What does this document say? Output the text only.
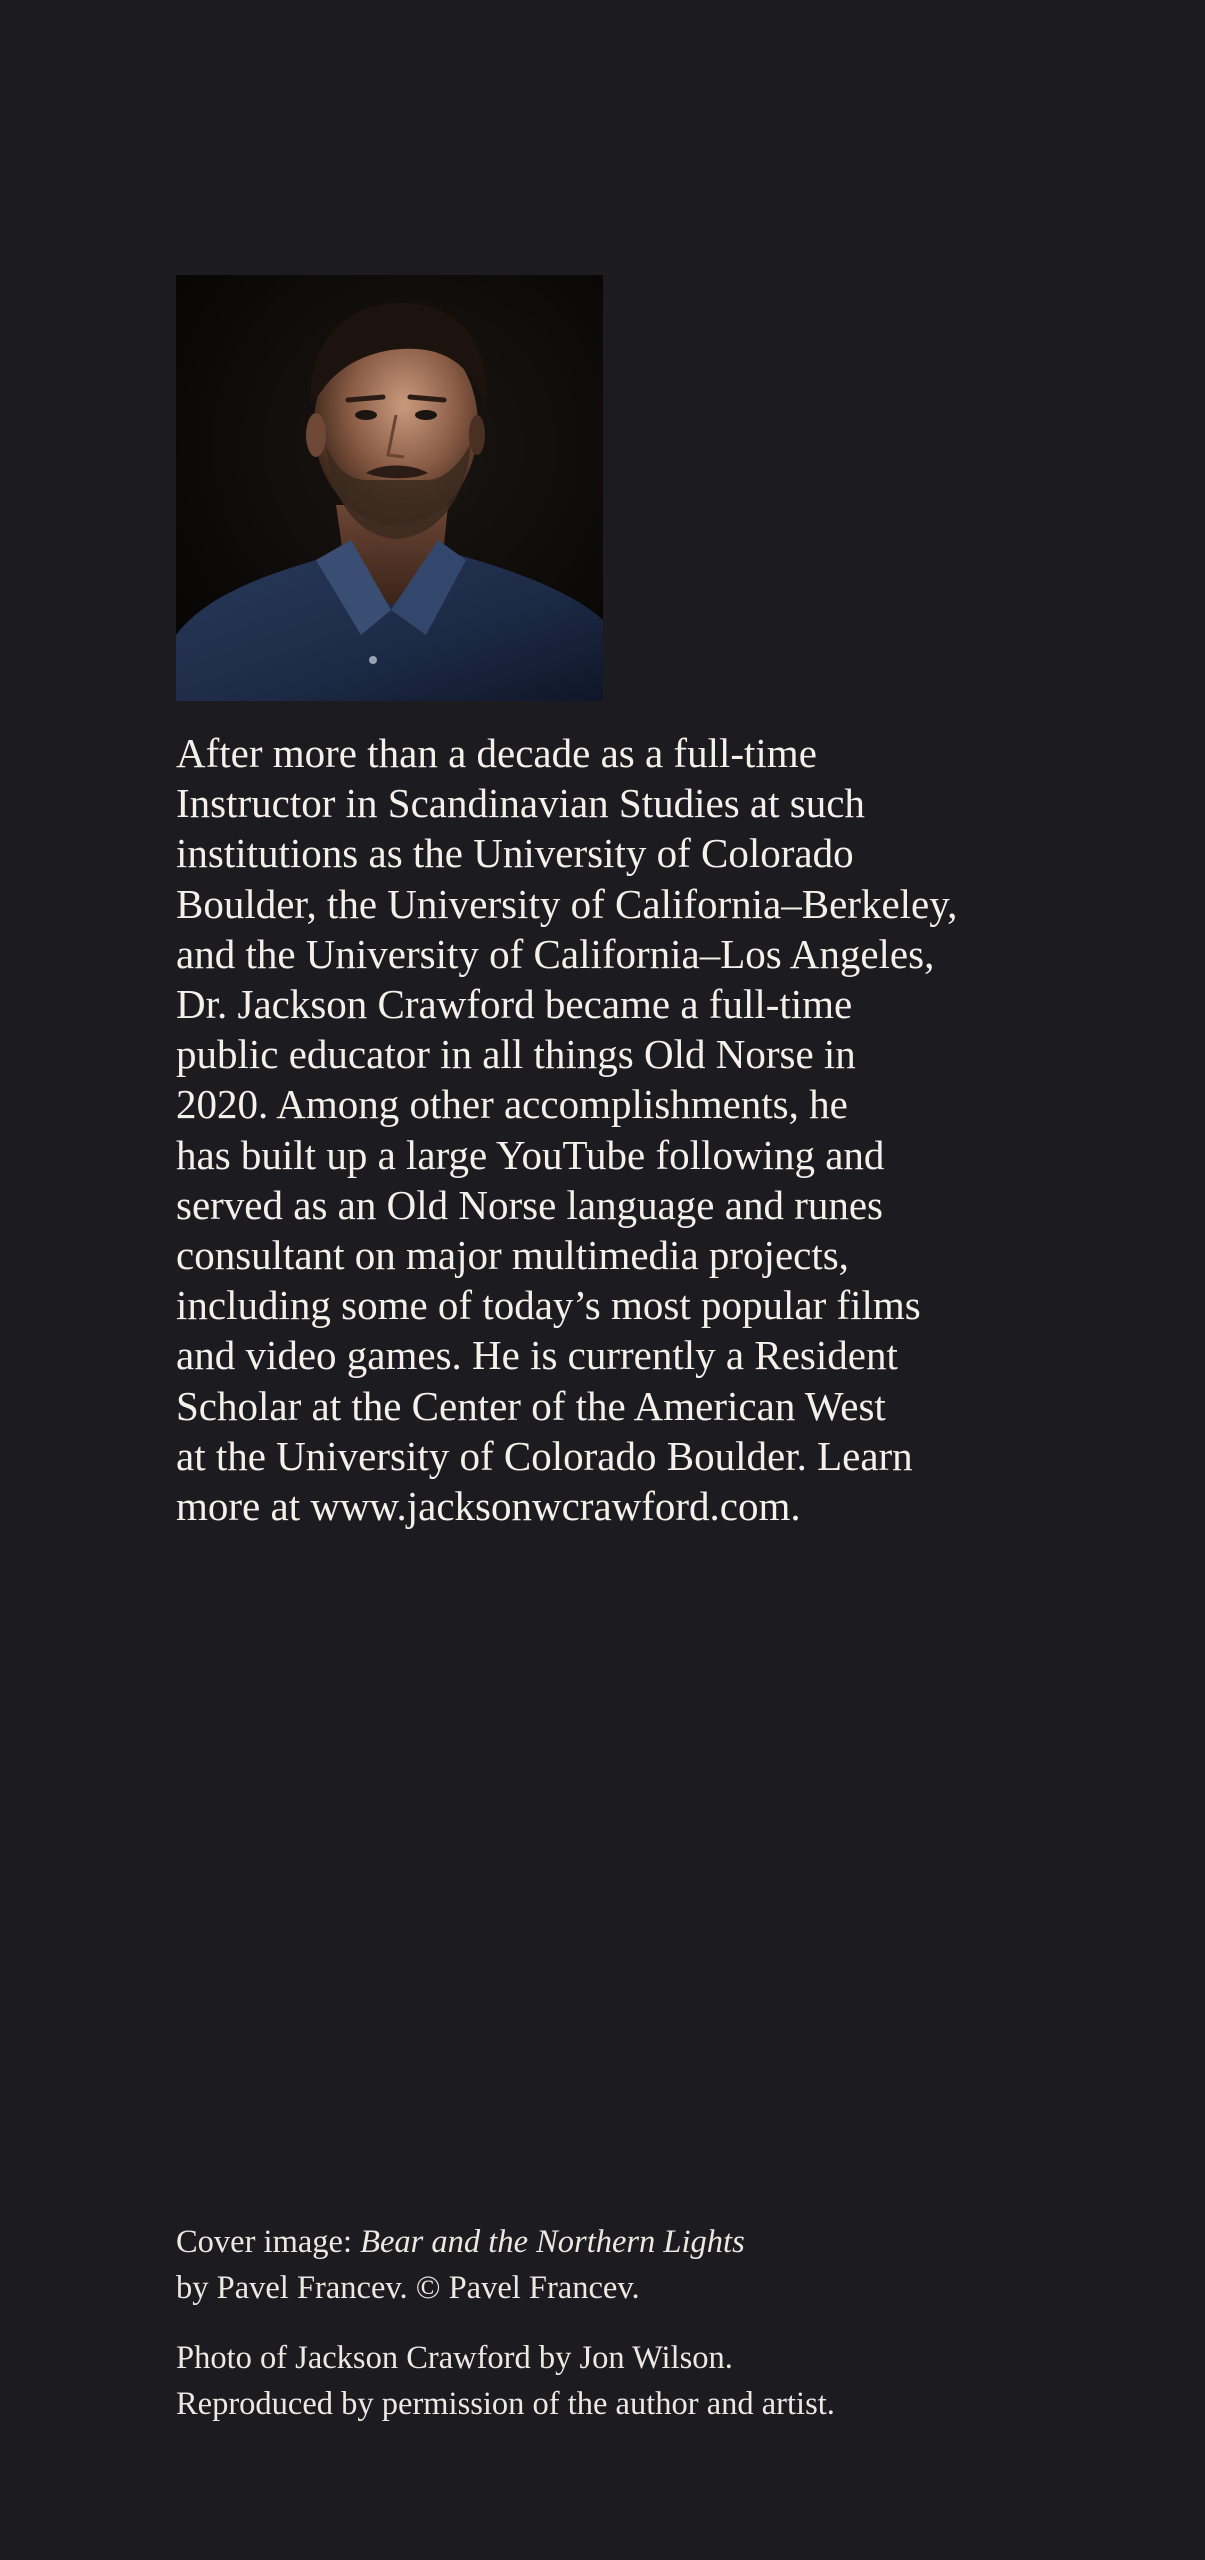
After more than a decade as a full-time
Instructor in Scandinavian Studies at such
institutions as the University of Colorado
Boulder, the University of California–Berkeley,
and the University of California–Los Angeles,
Dr. Jackson Crawford became a full-time
public educator in all things Old Norse in
2020. Among other accomplishments, he
has built up a large YouTube following and
served as an Old Norse language and runes
consultant on major multimedia projects,
including some of today’s most popular films
and video games. He is currently a Resident
Scholar at the Center of the American West
at the University of Colorado Boulder. Learn
more at www.jacksonwcrawford.com.

Cover image: Bear and the Northern Lights
by Pavel Francev. © Pavel Francev.

Photo of Jackson Crawford by Jon Wilson.
Reproduced by permission of the author and artist.
